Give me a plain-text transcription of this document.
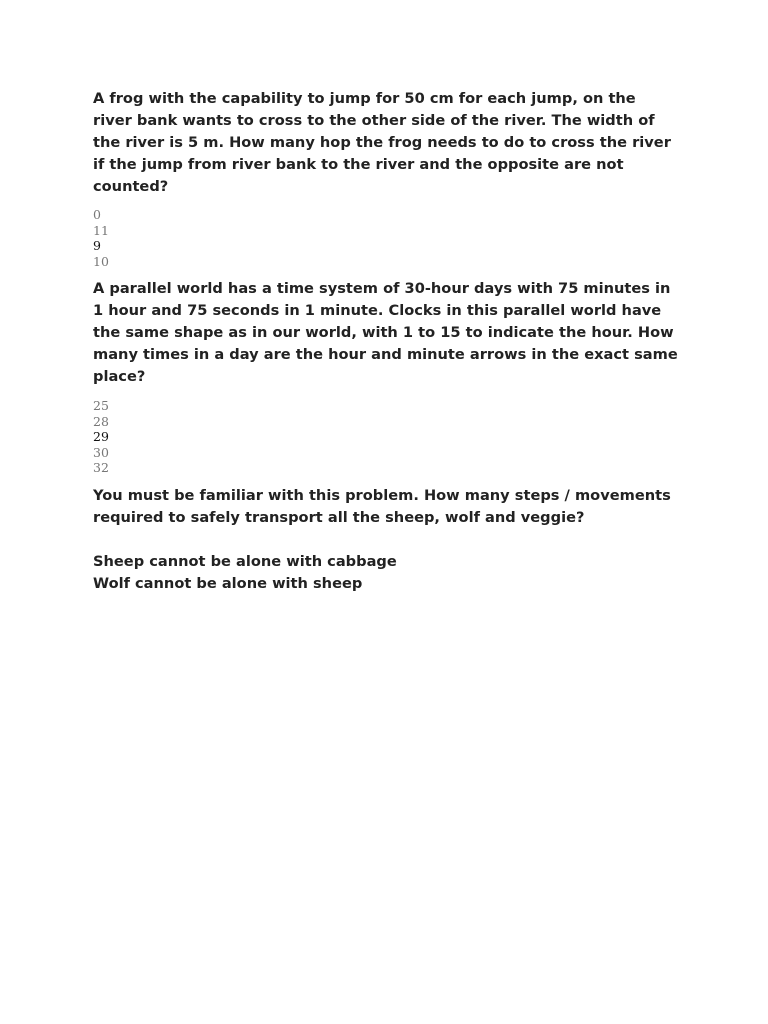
A frog with the capability to jump for 50 cm for each jump, on the river bank wants to cross to the other side of the river. The width of the river is 5 m. How many hop the frog needs to do to cross the river if the jump from river bank to the river and the opposite are not counted?

0
11
9
10

A parallel world has a time system of 30-hour days with 75 minutes in 1 hour and 75 seconds in 1 minute. Clocks in this parallel world have the same shape as in our world, with 1 to 15 to indicate the hour. How many times in a day are the hour and minute arrows in the exact same place?

25
28
29
30
32

You must be familiar with this problem. How many steps / movements required to safely transport all the sheep, wolf and veggie?

Sheep cannot be alone with cabbage

Wolf cannot be alone with sheep
